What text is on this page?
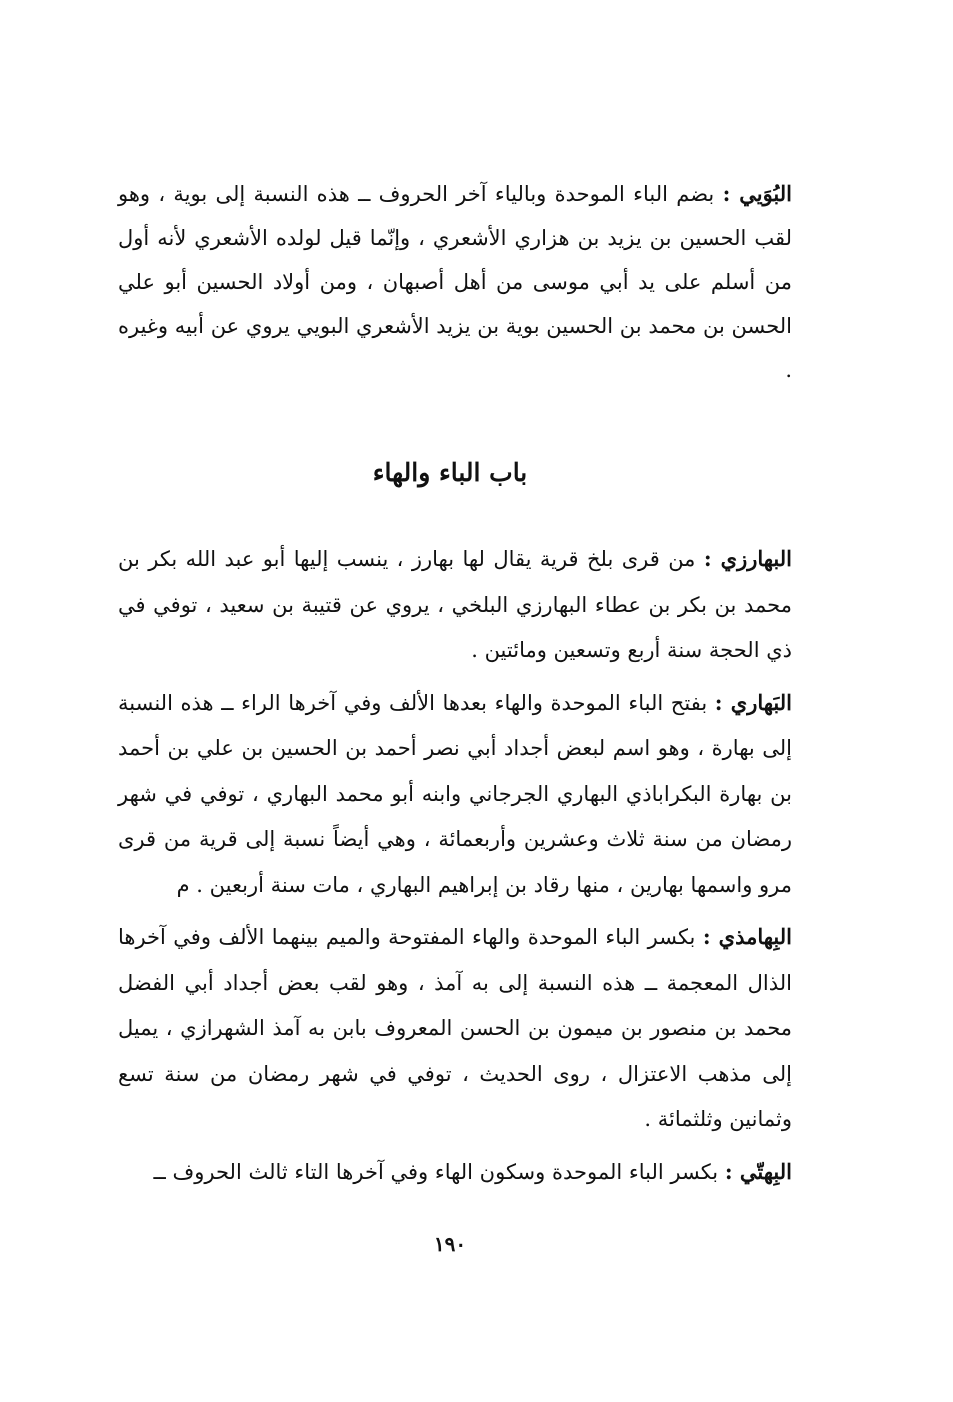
البُوَيي : بضم الباء الموحدة وبالياء آخر الحروف ــ هذه النسبة إلى بوية ، وهو لقب الحسين بن يزيد بن هزاري الأشعري ، وإنّما قيل لولده الأشعري لأنه أول من أسلم على يد أبي موسى من أهل أصبهان ، ومن أولاد الحسين أبو علي الحسن بن محمد بن الحسين بوية بن يزيد الأشعري البويي يروي عن أبيه وغيره .

باب الباء والهاء

البهارزي : من قرى بلخ قرية يقال لها بهارز ، ينسب إليها أبو عبد الله بكر بن محمد بن بكر بن عطاء البهارزي البلخي ، يروي عن قتيبة بن سعيد ، توفي في ذي الحجة سنة أربع وتسعين ومائتين .

البَهاري : بفتح الباء الموحدة والهاء بعدها الألف وفي آخرها الراء ــ هذه النسبة إلى بهارة ، وهو اسم لبعض أجداد أبي نصر أحمد بن الحسين بن علي بن أحمد بن بهارة البكراباذي البهاري الجرجاني وابنه أبو محمد البهاري ، توفي في شهر رمضان من سنة ثلاث وعشرين وأربعمائة ، وهي أيضاً نسبة إلى قرية من قرى مرو واسمها بهارين ، منها رقاد بن إبراهيم البهاري ، مات سنة أربعين . م

البِهامذي : بكسر الباء الموحدة والهاء المفتوحة والميم بينهما الألف وفي آخرها الذال المعجمة ــ هذه النسبة إلى به آمذ ، وهو لقب بعض أجداد أبي الفضل محمد بن منصور بن ميمون بن الحسن المعروف بابن به آمذ الشهرازي ، يميل إلى مذهب الاعتزال ، روى الحديث ، توفي في شهر رمضان من سنة تسع وثمانين وثلثمائة .

البِهتّي : بكسر الباء الموحدة وسكون الهاء وفي آخرها التاء ثالث الحروف ــ

١٩٠
